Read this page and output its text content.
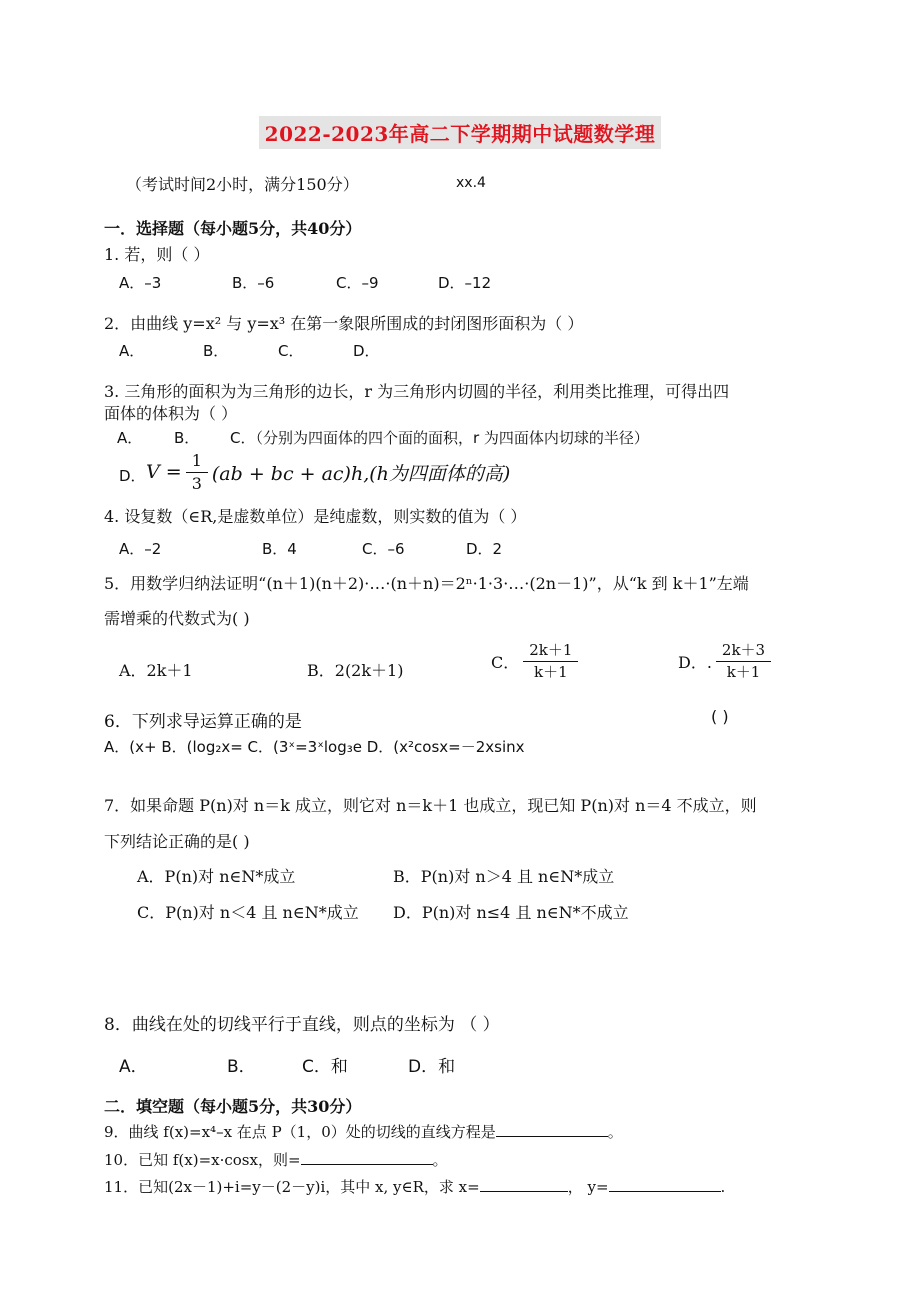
2022-2023年高二下学期期中试题数学理
（考试时间2小时，满分150分）	xx.4
一．选择题（每小题5分，共40分）
1. 若，则（ ）
A．–3	B．–6	C．–9	D．–12
2．由曲线 y=x² 与 y=x³ 在第一象限所围成的封闭图形面积为（ ）
A．	B．	C．	D．
3. 三角形的面积为为三角形的边长，r 为三角形内切圆的半径，利用类比推理，可得出四
面体的体积为（ ）
A． B． C．（分别为四面体的四个面的面积，r 为四面体内切球的半径）
D． $V = \frac{1}{3} (ab$ + bc + ac)h,(h为四面体的高)
4. 设复数（∈R,是虚数单位）是纯虚数，则实数的值为（ ）
A．–2	B．4	C．–6	D．2
5．用数学归纳法证明“(n＋1)(n＋2)·…·(n＋n)＝2ⁿ·1·3·…·(2n－1)”，从“k 到 k＋1”左端
需增乘的代数式为( )
A．2k＋1	B．2(2k＋1)	C． $\frac{2k+1}{k+1}$	D．. $\frac{2k+3}{k+1}$
6．下列求导运算正确的是	( )
A．(x+ B．(log₂x= C．(3ˣ=3ˣlog₃e D．(x²cosx=－2xsinx
7．如果命题 P(n)对 n＝k 成立，则它对 n＝k＋1 也成立，现已知 P(n)对 n＝4 不成立，则
下列结论正确的是( )
A．P(n)对 n∈N*成立	B．P(n)对 n＞4 且 n∈N*成立
C．P(n)对 n＜4 且 n∈N*成立 D．P(n)对 n≤4 且 n∈N*不成立
8．曲线在处的切线平行于直线，则点的坐标为 （ ）
A．	B．	C．和	D．和
二．填空题（每小题5分，共30分）
9．曲线 f(x)=x⁴–x 在点 P（1，0）处的切线的直线方程是	。
10．已知 f(x)=x·cosx，则=	。
11．已知(2x－1)+i=y－(2－y)i，其中 x, y∈R，求 x=	， y=	.
